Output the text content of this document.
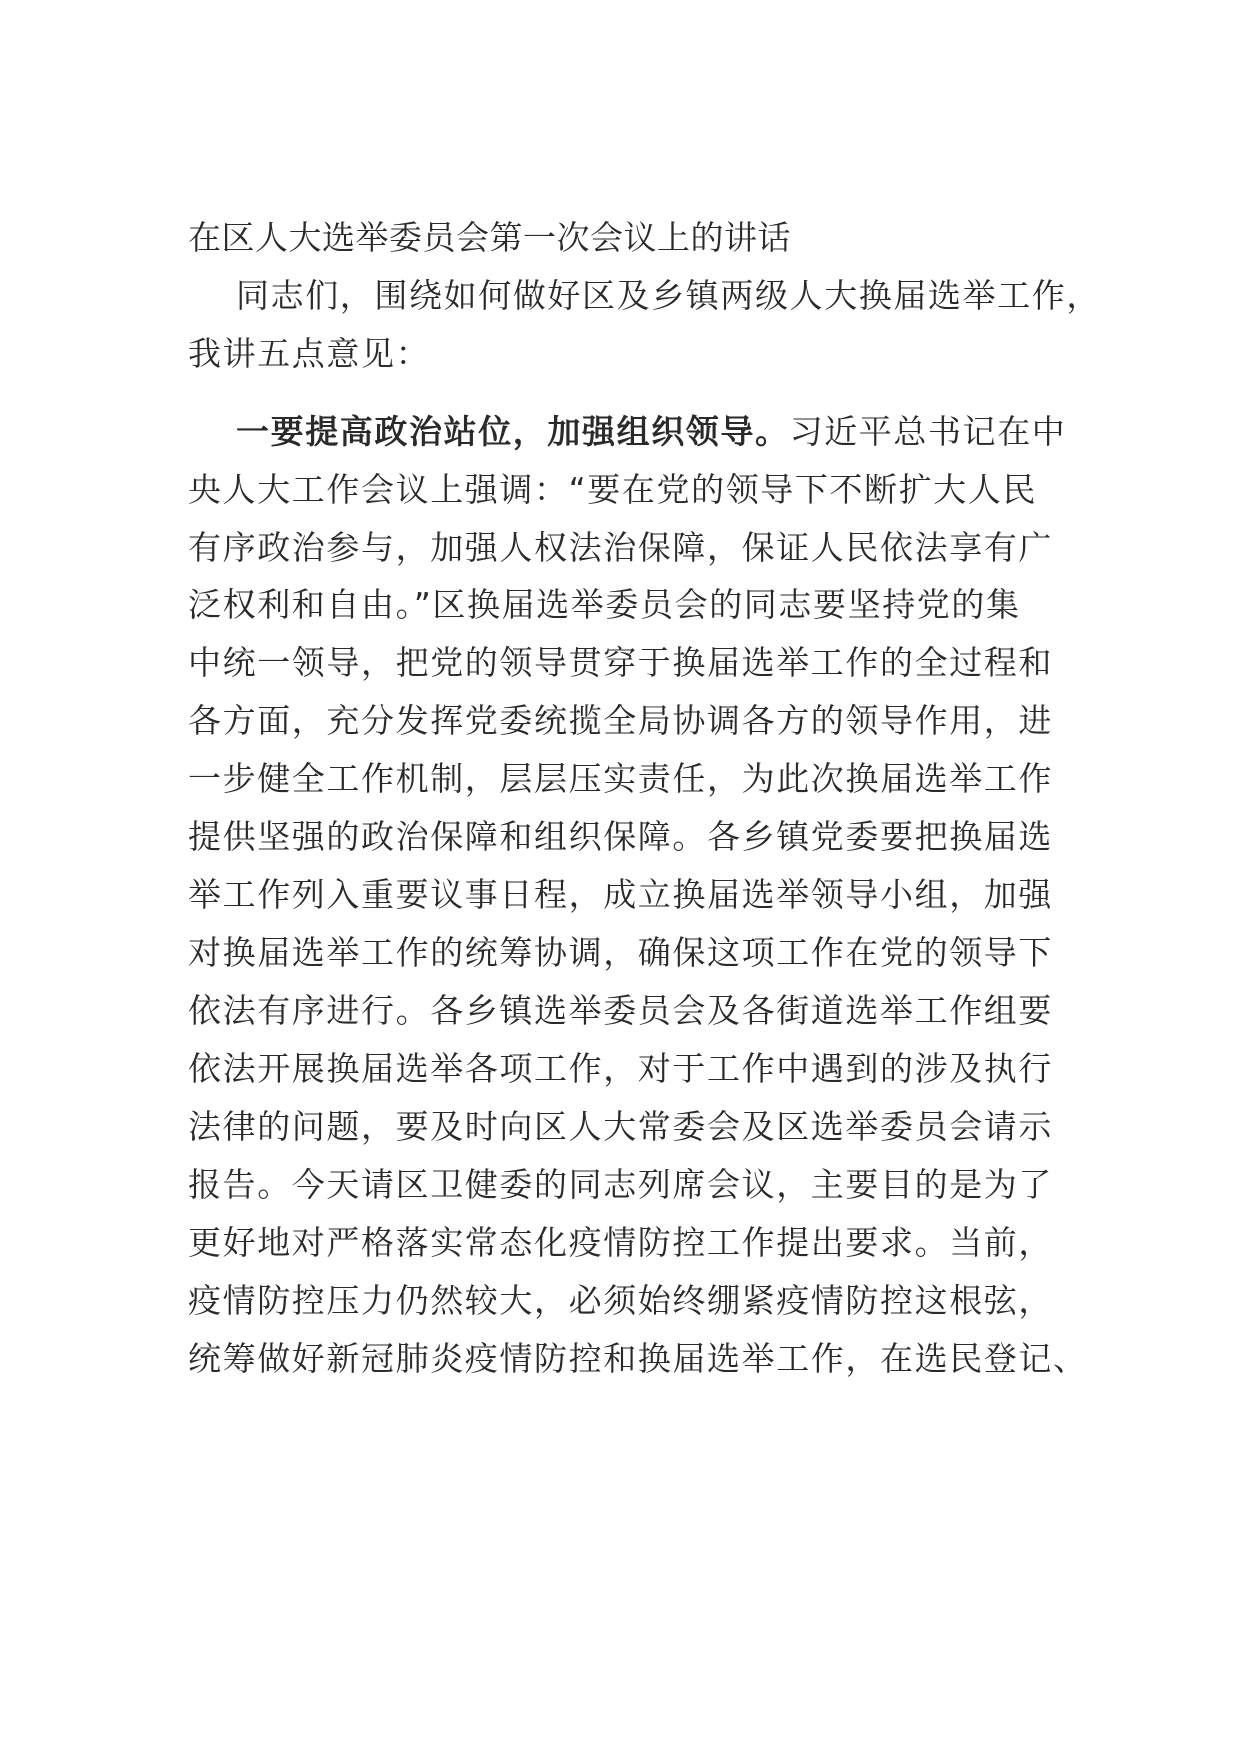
在区人大选举委员会第一次会议上的讲话

同志们，围绕如何做好区及乡镇两级人大换届选举工作，

我讲五点意见：

一要提高政治站位，加强组织领导。习近平总书记在中

央人大工作会议上强调：“要在党的领导下不断扩大人民

有序政治参与，加强人权法治保障，保证人民依法享有广

泛权利和自由。”区换届选举委员会的同志要坚持党的集

中统一领导，把党的领导贯穿于换届选举工作的全过程和

各方面，充分发挥党委统揽全局协调各方的领导作用，进

一步健全工作机制，层层压实责任，为此次换届选举工作

提供坚强的政治保障和组织保障。各乡镇党委要把换届选

举工作列入重要议事日程，成立换届选举领导小组，加强

对换届选举工作的统筹协调，确保这项工作在党的领导下

依法有序进行。各乡镇选举委员会及各街道选举工作组要

依法开展换届选举各项工作，对于工作中遇到的涉及执行

法律的问题，要及时向区人大常委会及区选举委员会请示

报告。今天请区卫健委的同志列席会议，主要目的是为了

更好地对严格落实常态化疫情防控工作提出要求。当前，

疫情防控压力仍然较大，必须始终绷紧疫情防控这根弦，

统筹做好新冠肺炎疫情防控和换届选举工作，在选民登记、
